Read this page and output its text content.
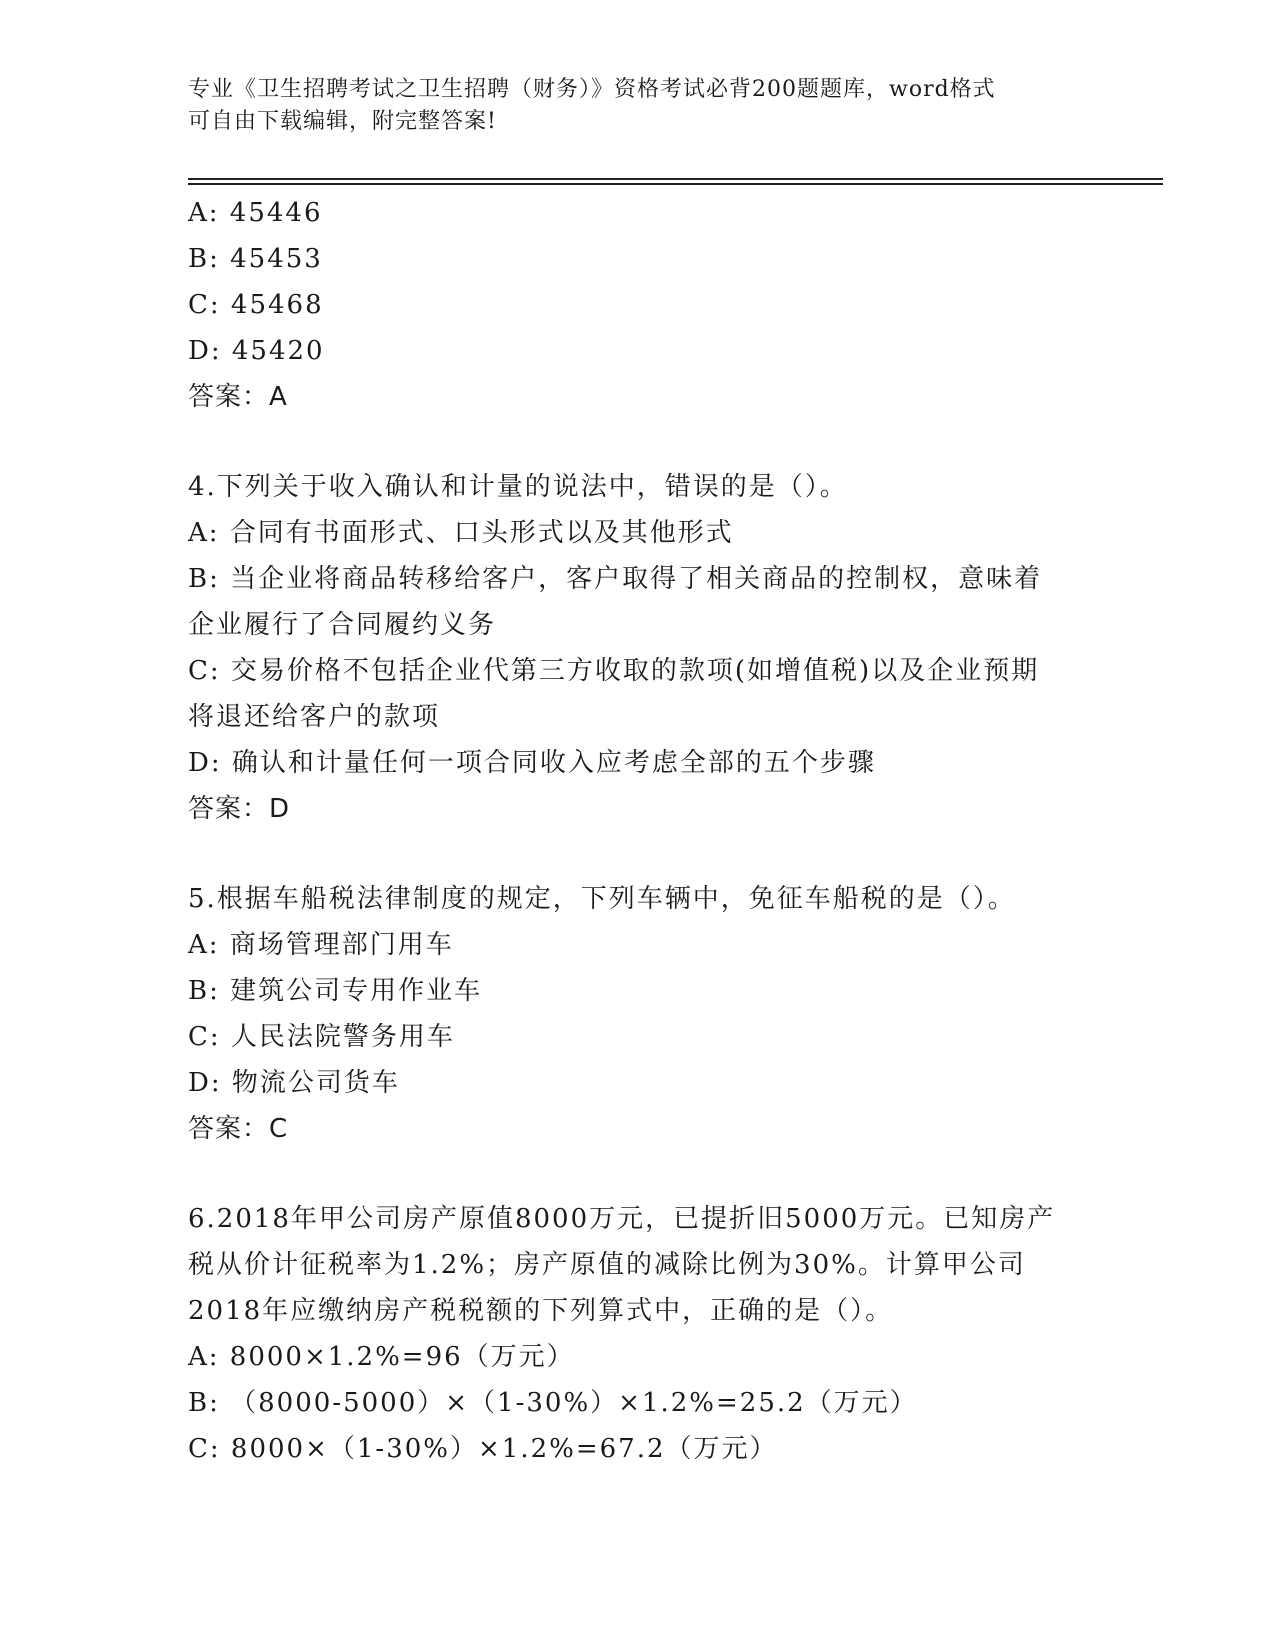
专业《卫生招聘考试之卫生招聘（财务）》资格考试必背200题题库，word格式
可自由下载编辑，附完整答案!
A: 45446
B: 45453
C: 45468
D: 45420
答案：A
4.下列关于收入确认和计量的说法中，错误的是（）。
A: 合同有书面形式、口头形式以及其他形式
B: 当企业将商品转移给客户，客户取得了相关商品的控制权，意味着
企业履行了合同履约义务
C: 交易价格不包括企业代第三方收取的款项(如增值税)以及企业预期
将退还给客户的款项
D: 确认和计量任何一项合同收入应考虑全部的五个步骤
答案：D
5.根据车船税法律制度的规定，下列车辆中，免征车船税的是（）。
A: 商场管理部门用车
B: 建筑公司专用作业车
C: 人民法院警务用车
D: 物流公司货车
答案：C
6.2018年甲公司房产原值8000万元，已提折旧5000万元。已知房产
税从价计征税率为1.2%；房产原值的减除比例为30%。计算甲公司
2018年应缴纳房产税税额的下列算式中，正确的是（）。
A: 8000×1.2%=96（万元）
B: （8000-5000）×（1-30%）×1.2%=25.2（万元）
C: 8000×（1-30%）×1.2%=67.2（万元）
